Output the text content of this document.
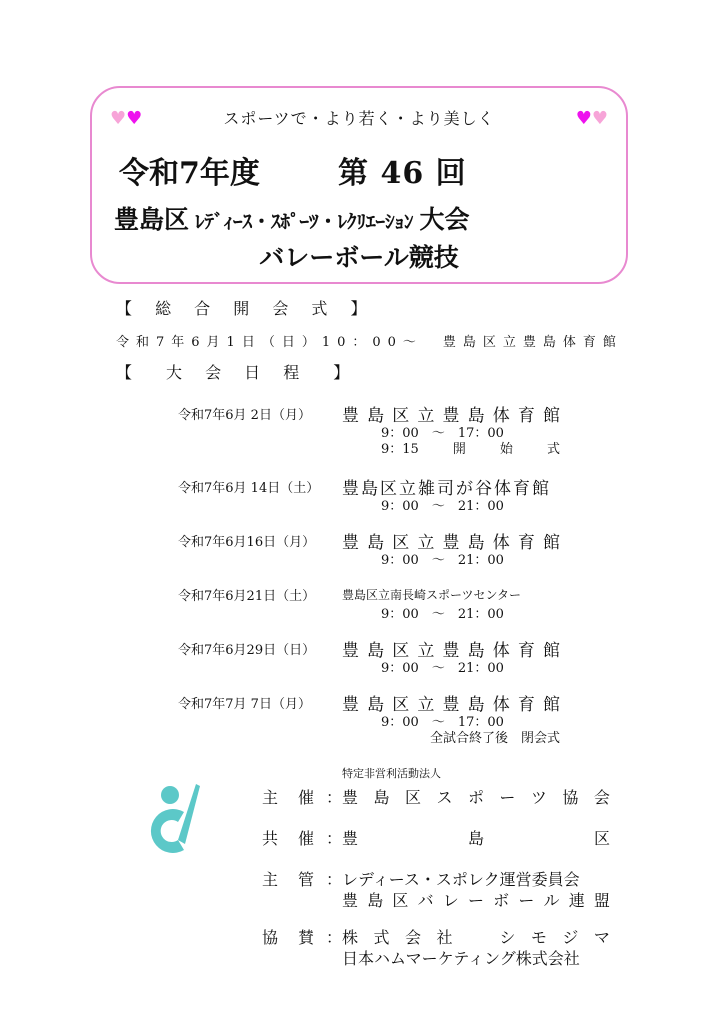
♥♥	スポーツで・より若く・より美しく	♥♥
令和7年度	第 46 回
豊島区 ﾚﾃﾞｨｰｽ・ｽﾎﾟｰﾂ・ﾚｸﾘｴｰｼｮﾝ 大会
バレーボール競技
【 総 合 開 会 式 】
令和7年6月1日（日）10：00～　豊島区立豊島体育館
【　大 会 日 程　】
令和7年6月 2日（月） 豊 島 区 立 豊 島 体 育 館
9：00　～　17：00
9：15	開	始	式
令和7年6月 14日（土） 豊島区立雑司が谷体育館
9：00　～　21：00
令和7年6月16日（月） 豊 島 区 立 豊 島 体 育 館
9：00　～　21：00
令和7年6月21日（土） 豊島区立南長崎スポーツセンター
9：00　～　21：00
令和7年6月29日（日） 豊 島 区 立 豊 島 体 育 館
9：00　～　21：00
令和7年7月 7日（月） 豊 島 区 立 豊 島 体 育 館
9：00　～　17：00
全試合終了後　閉会式
特定非営利活動法人
主 催 ： 豊 島 区 ス ポ ー ツ 協 会
共 催 ： 豊	島	区
主 管 ： レディース・スポレク運営委員会
豊 島 区 バ レ ー ボ ー ル 連 盟
協 賛 ： 株 式 会 社
　	シ モ ジ マ
日本ハムマーケティング株式会社
